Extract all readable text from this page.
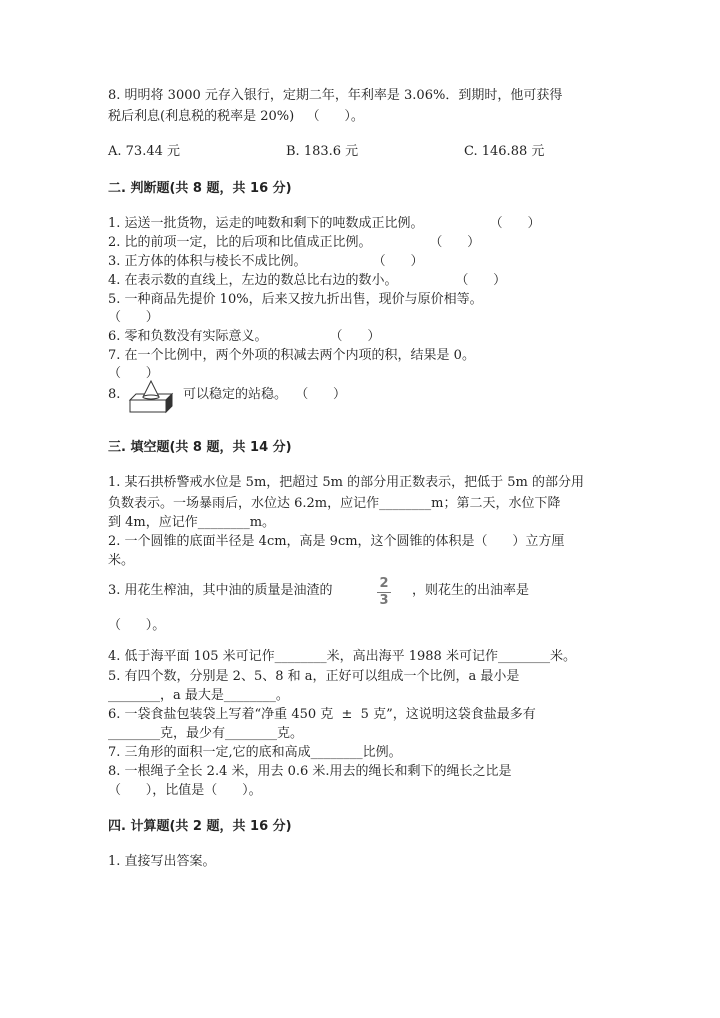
8. 明明将 3000 元存入银行，定期二年，年利率是 3.06%．到期时，他可获得
税后利息(利息税的税率是 20%)   （      ）。
A. 73.44 元	B. 183.6 元	C. 146.88 元
二. 判断题(共 8 题，共 16 分)
1. 运送一批货物，运走的吨数和剩下的吨数成正比例。                （      ）
2. 比的前项一定，比的后项和比值成正比例。              （      ）
3. 正方体的体积与棱长不成比例。                （      ）
4. 在表示数的直线上，左边的数总比右边的数小。              （      ）
5. 一种商品先提价 10%，后来又按九折出售，现价与原价相等。
（      ）
6. 零和负数没有实际意义。               （      ）
7. 在一个比例中，两个外项的积减去两个内项的积，结果是 0。
（      ）
8.	可以稳定的站稳。  （      ）
三. 填空题(共 8 题，共 14 分)
1. 某石拱桥警戒水位是 5m，把超过 5m 的部分用正数表示，把低于 5m 的部分用
负数表示。一场暴雨后，水位达 6.2m，应记作________m；第二天，水位下降
到 4m，应记作________m。
2. 一个圆锥的底面半径是 4cm，高是 9cm，这个圆锥的体积是（      ）立方厘
米。
3. 用花生榨油，其中油的质量是油渣的	2
3
，则花生的出油率是
（      ）。
4. 低于海平面 105 米可记作________米，高出海平 1988 米可记作________米。
5. 有四个数，分别是 2、5、8 和 a，正好可以组成一个比例，a 最小是
________，a 最大是________。
6. 一袋食盐包装袋上写着“净重 450 克  ±  5 克”，这说明这袋食盐最多有
________克，最少有________克。
7. 三角形的面积一定,它的底和高成________比例。
8. 一根绳子全长 2.4 米，用去 0.6 米.用去的绳长和剩下的绳长之比是
（      ），比值是（      ）。
四. 计算题(共 2 题，共 16 分)
1. 直接写出答案。
